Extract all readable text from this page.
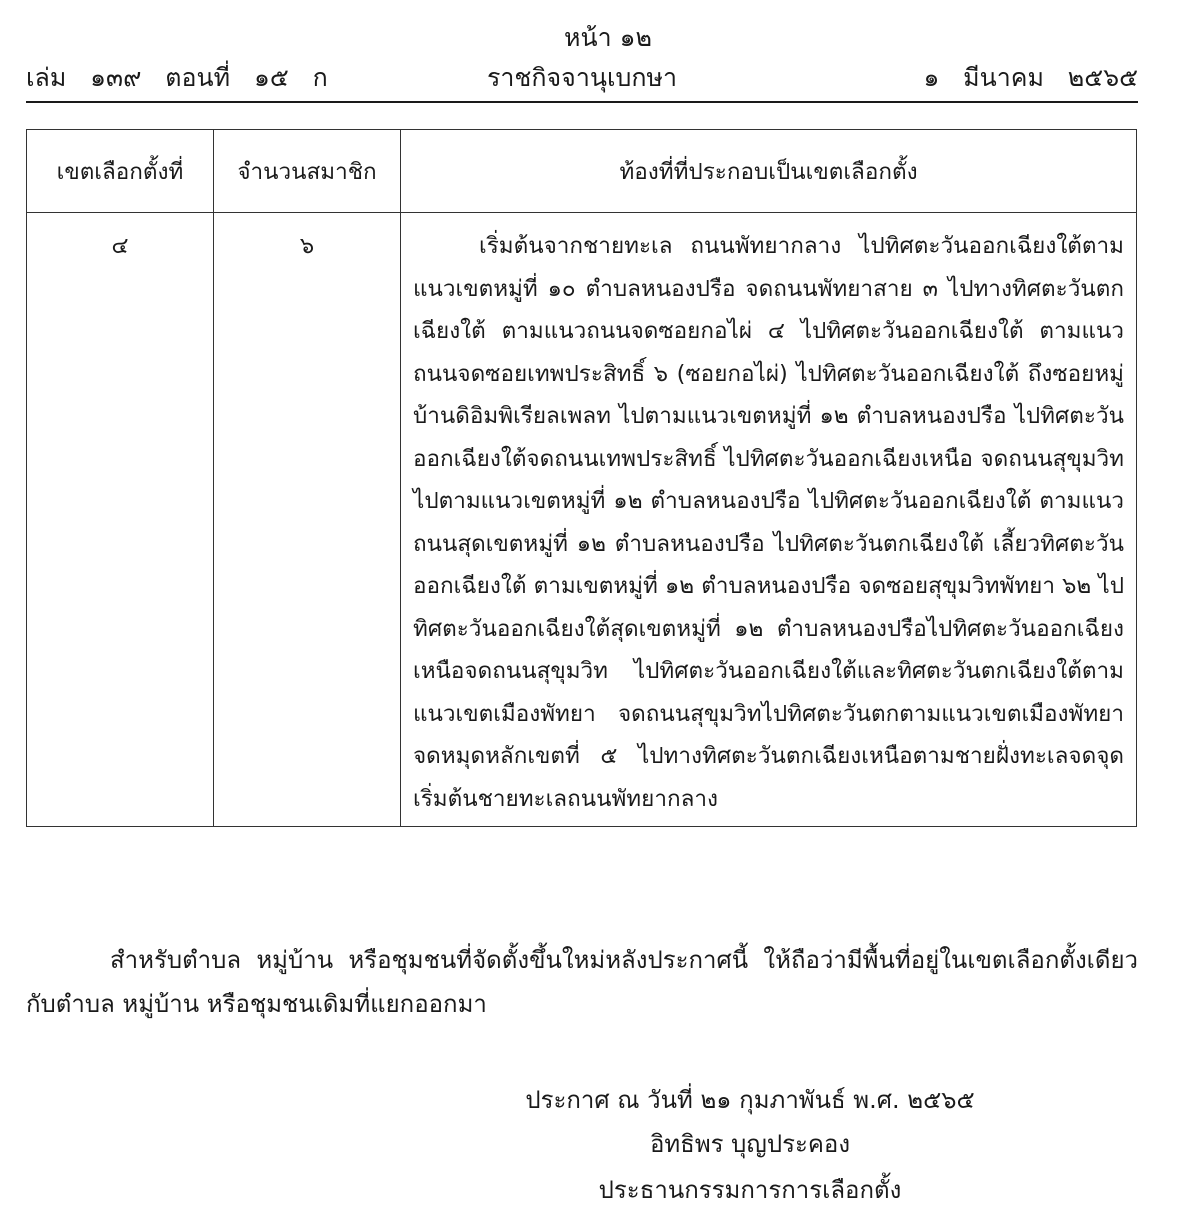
หน้า ๑๒
เล่ม   ๑๓๙   ตอนที่   ๑๕   ก	ราชกิจจานุเบกษา	๑   มีนาคม   ๒๕๖๕
เขตเลือกตั้งที่	จำนวนสมาชิก	ท้องที่ที่ประกอบเป็นเขตเลือกตั้ง
๔	๖	เริ่มต้นจากชายทะเล ถนนพัทยากลาง ไปทิศตะวันออกเฉียงใต้ตามแนวเขตหมู่ที่ ๑๐ ตำบลหนองปรือ จดถนนพัทยาสาย ๓ ไปทางทิศตะวันตกเฉียงใต้ ตามแนวถนนจดซอยกอไผ่ ๔ ไปทิศตะวันออกเฉียงใต้ ตามแนวถนนจดซอยเทพประสิทธิ์ ๖ (ซอยกอไผ่) ไปทิศตะวันออกเฉียงใต้ ถึงซอยหมู่บ้านดิอิมพิเรียลเพลท ไปตามแนวเขตหมู่ที่ ๑๒ ตำบลหนองปรือ ไปทิศตะวันออกเฉียงใต้จดถนนเทพประสิทธิ์ ไปทิศตะวันออกเฉียงเหนือ จดถนนสุขุมวิทไปตามแนวเขตหมู่ที่ ๑๒ ตำบลหนองปรือ ไปทิศตะวันออกเฉียงใต้ ตามแนวถนนสุดเขตหมู่ที่ ๑๒ ตำบลหนองปรือ ไปทิศตะวันตกเฉียงใต้ เลี้ยวทิศตะวันออกเฉียงใต้ ตามเขตหมู่ที่ ๑๒ ตำบลหนองปรือ จดซอยสุขุมวิทพัทยา ๖๒ ไปทิศตะวันออกเฉียงใต้สุดเขตหมู่ที่ ๑๒ ตำบลหนองปรือไปทิศตะวันออกเฉียงเหนือจดถนนสุขุมวิท ไปทิศตะวันออกเฉียงใต้และทิศตะวันตกเฉียงใต้ตามแนวเขตเมืองพัทยา จดถนนสุขุมวิทไปทิศตะวันตกตามแนวเขตเมืองพัทยาจดหมุดหลักเขตที่ ๕ ไปทางทิศตะวันตกเฉียงเหนือตามชายฝั่งทะเลจดจุดเริ่มต้นชายทะเลถนนพัทยากลาง

สำหรับตำบล หมู่บ้าน หรือชุมชนที่จัดตั้งขึ้นใหม่หลังประกาศนี้ ให้ถือว่ามีพื้นที่อยู่ในเขตเลือกตั้งเดียวกับตำบล หมู่บ้าน หรือชุมชนเดิมที่แยกออกมา

ประกาศ ณ วันที่ ๒๑ กุมภาพันธ์ พ.ศ. ๒๕๖๕

อิทธิพร บุญประคอง

ประธานกรรมการการเลือกตั้ง
